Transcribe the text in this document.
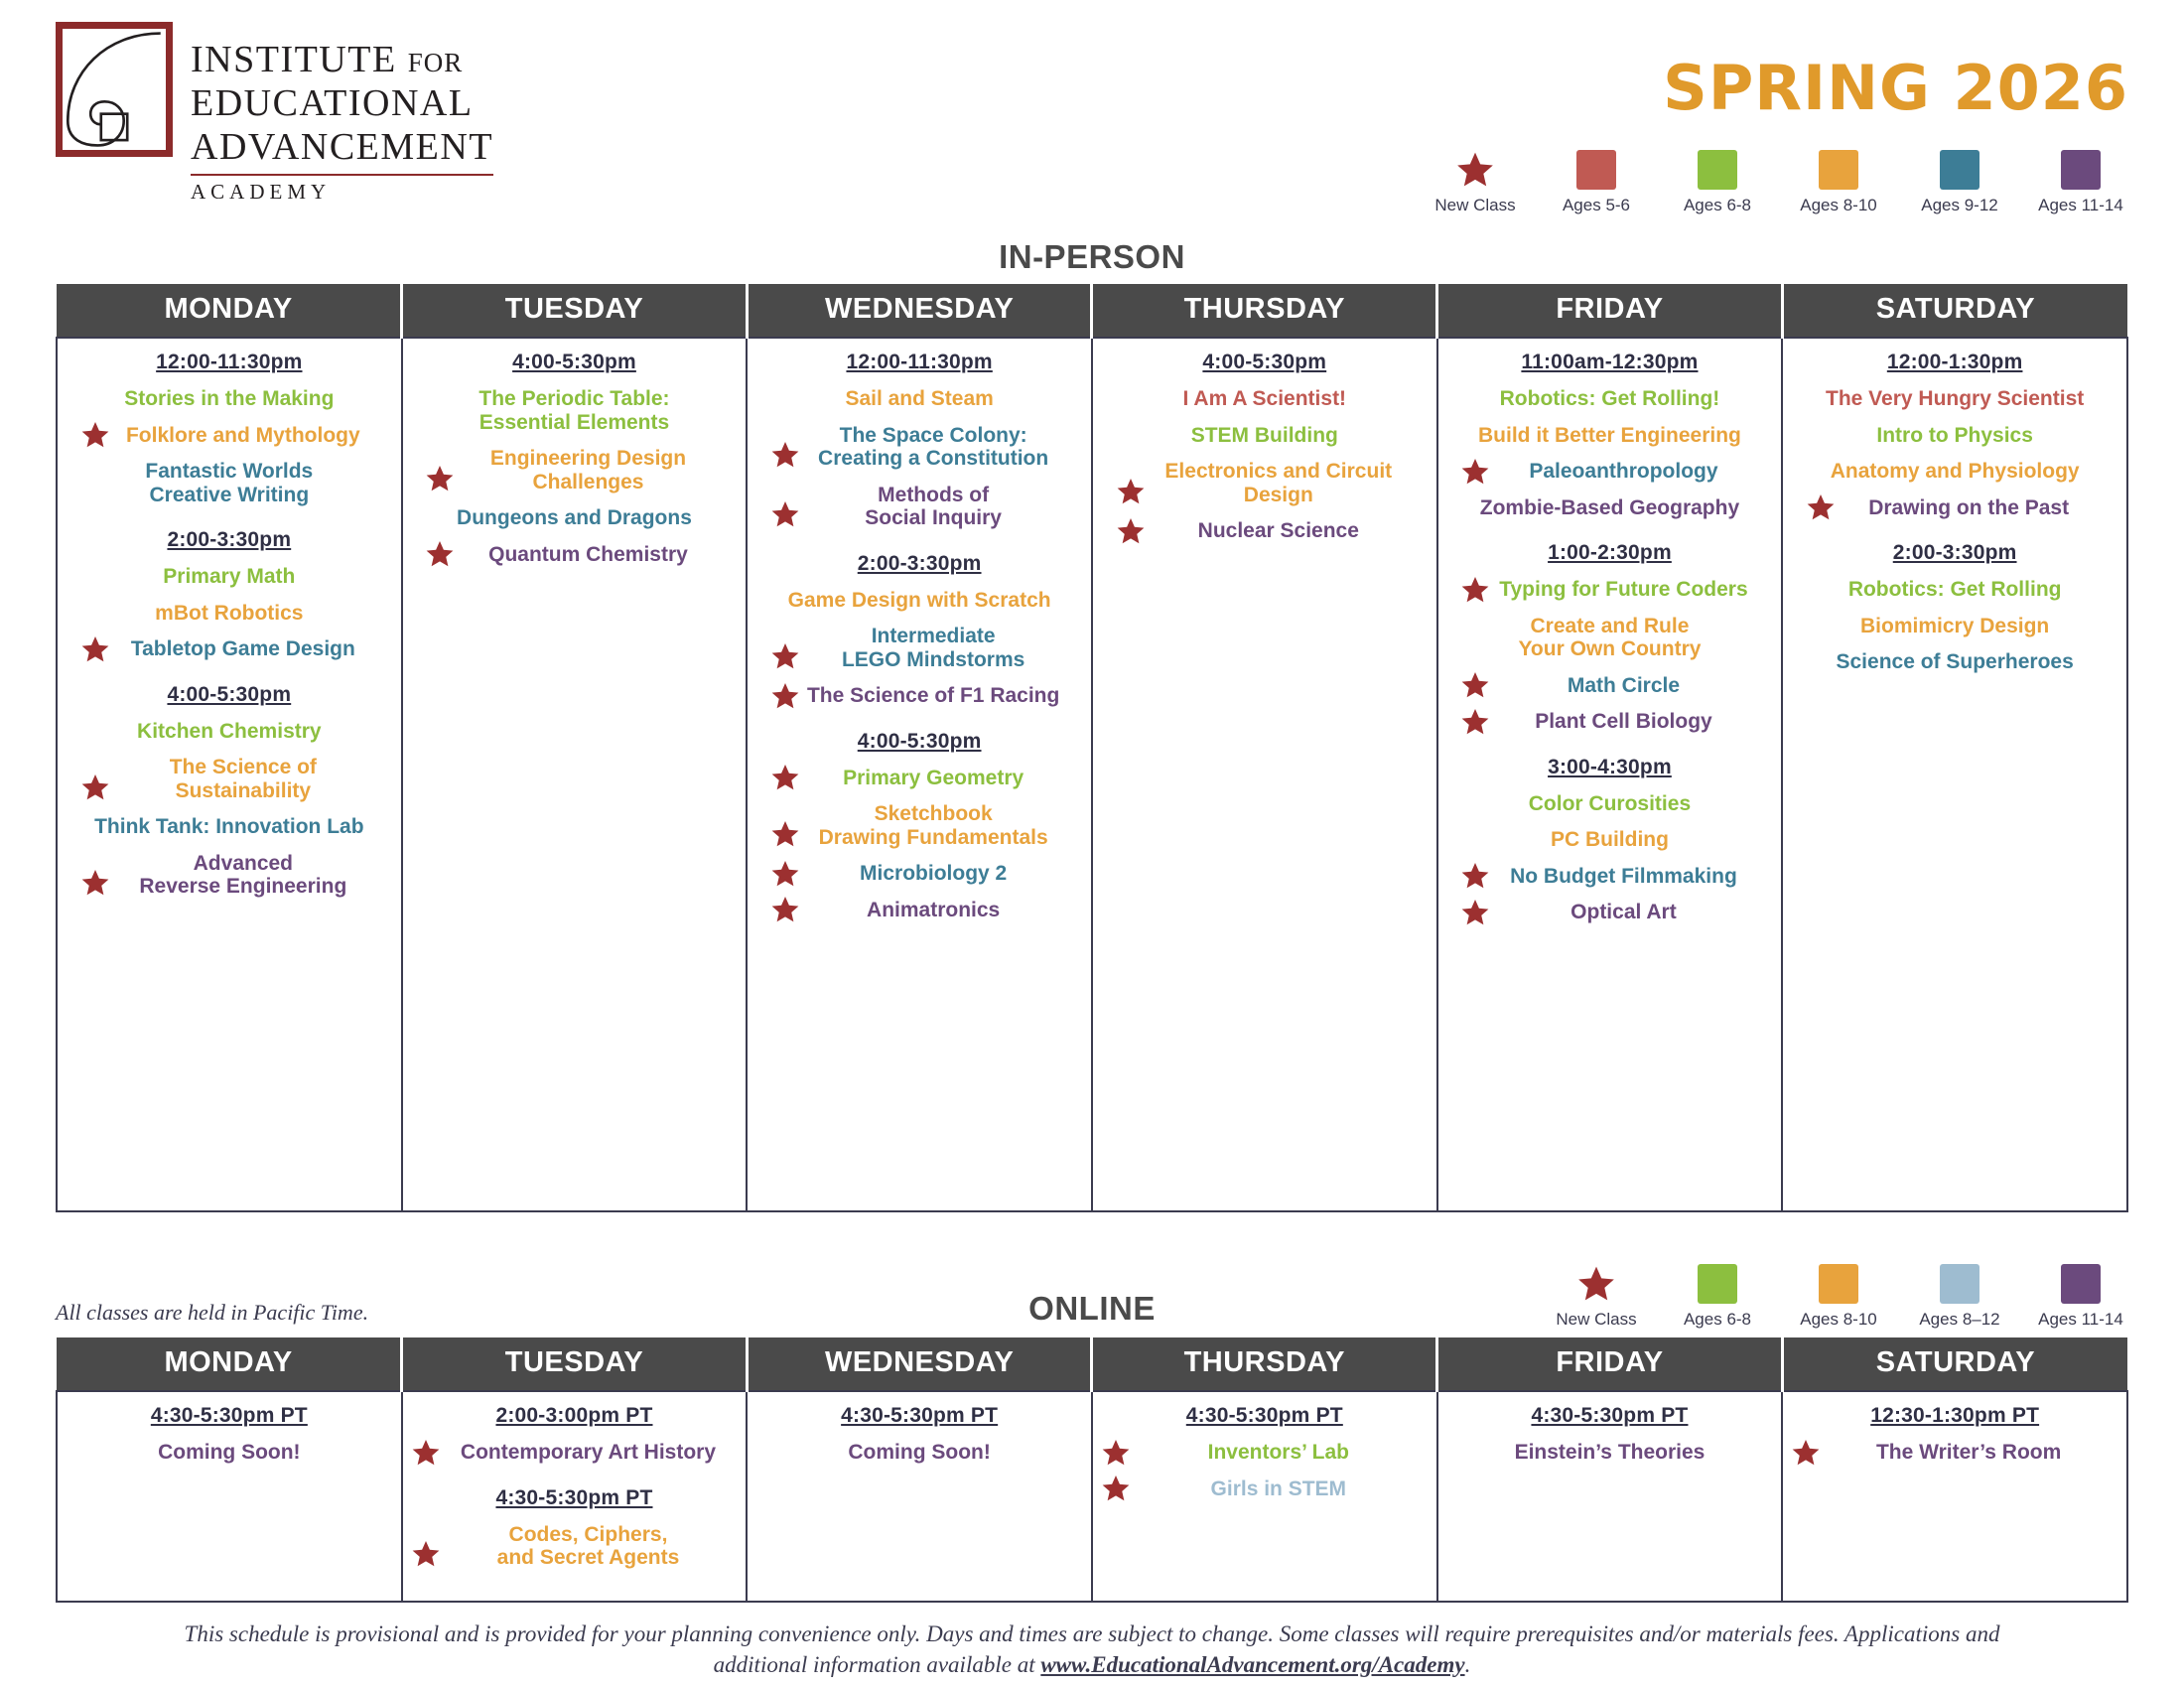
INSTITUTE FOR
EDUCATIONAL
ADVANCEMENT
ACADEMY
SPRING 2026
New Class	Ages 5-6	Ages 6-8	Ages 8-10	Ages 9-12	Ages 11-14
IN-PERSON
MONDAY	TUESDAY	WEDNESDAY	THURSDAY	FRIDAY	SATURDAY

12:00-11:30pm
Stories in the Making
Folklore and Mythology
Fantastic Worlds
Creative Writing
2:00-3:30pm
Primary Math
mBot Robotics
Tabletop Game Design
4:00-5:30pm
Kitchen Chemistry
The Science of
Sustainability
Think Tank: Innovation Lab
Advanced
Reverse Engineering

4:00-5:30pm
The Periodic Table:
Essential Elements
Engineering Design
Challenges
Dungeons and Dragons
Quantum Chemistry

12:00-11:30pm
Sail and Steam
The Space Colony:
Creating a Constitution
Methods of
Social Inquiry
2:00-3:30pm
Game Design with Scratch
Intermediate
LEGO Mindstorms
The Science of F1 Racing
4:00-5:30pm
Primary Geometry
Sketchbook
Drawing Fundamentals
Microbiology 2
Animatronics

4:00-5:30pm
I Am A Scientist!
STEM Building
Electronics and Circuit
Design
Nuclear Science

11:00am-12:30pm
Robotics: Get Rolling!
Build it Better Engineering
Paleoanthropology
Zombie-Based Geography
1:00-2:30pm
Typing for Future Coders
Create and Rule
Your Own Country
Math Circle
Plant Cell Biology
3:00-4:30pm
Color Curosities
PC Building
No Budget Filmmaking
Optical Art

12:00-1:30pm
The Very Hungry Scientist
Intro to Physics
Anatomy and Physiology
Drawing on the Past
2:00-3:30pm
Robotics: Get Rolling
Biomimicry Design
Science of Superheroes
All classes are held in Pacific Time.	ONLINE	New Class	Ages 6-8	Ages 8-10	Ages 8–12	Ages 11-14
MONDAY	TUESDAY	WEDNESDAY	THURSDAY	FRIDAY	SATURDAY

4:30-5:30pm PT
Coming Soon!

2:00-3:00pm PT
Contemporary Art History
4:30-5:30pm PT
Codes, Ciphers,
and Secret Agents

4:30-5:30pm PT
Coming Soon!

4:30-5:30pm PT
Inventors’ Lab
Girls in STEM

4:30-5:30pm PT
Einstein’s Theories

12:30-1:30pm PT
The Writer’s Room
This schedule is provisional and is provided for your planning convenience only. Days and times are subject to change. Some classes will require prerequisites and/or materials fees. Applications and additional information available at www.EducationalAdvancement.org/Academy.
